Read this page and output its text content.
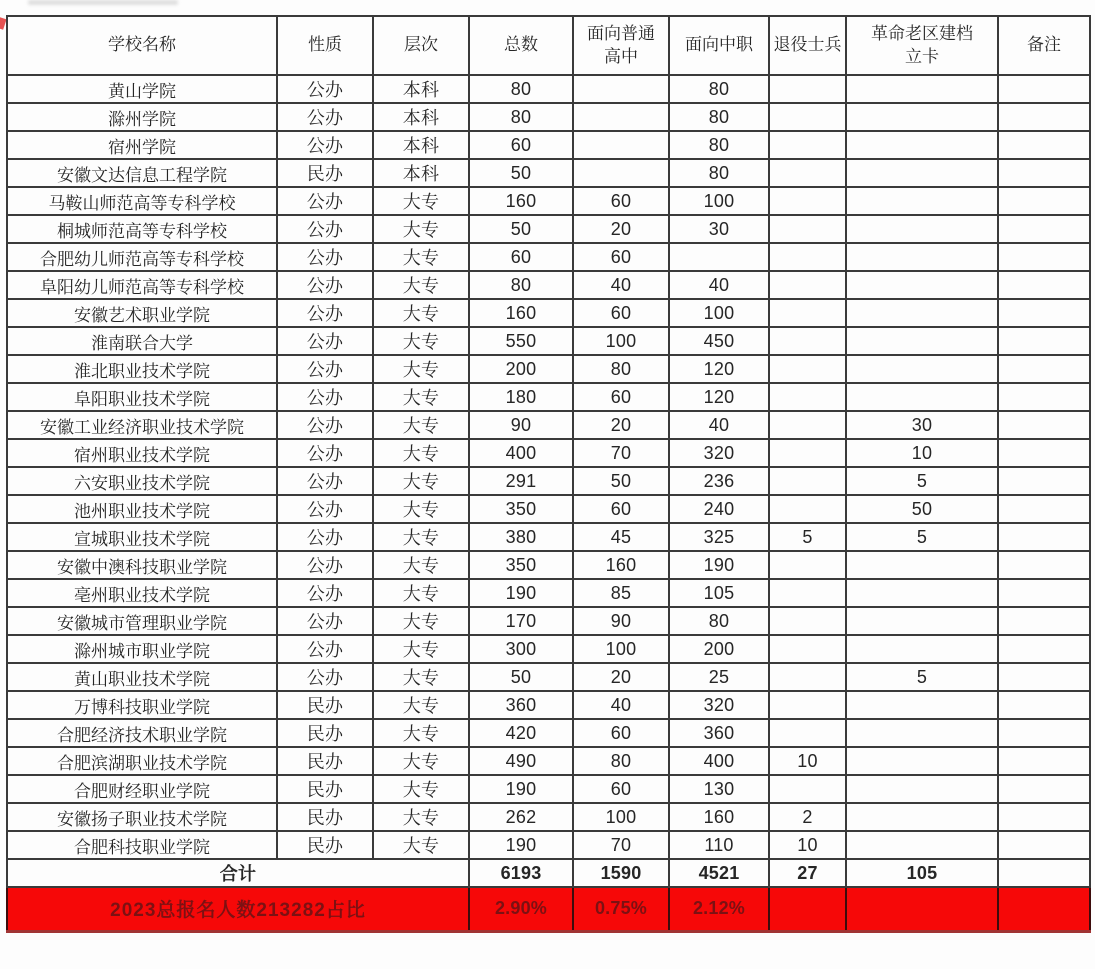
学校名称	性质	层次	总数	面向普通高中	面向中职	退役士兵	革命老区建档立卡	备注
黄山学院	公办	本科	80		80			
滁州学院	公办	本科	80		80			
宿州学院	公办	本科	60		80			
安徽文达信息工程学院	民办	本科	50		80			
马鞍山师范高等专科学校	公办	大专	160	60	100			
桐城师范高等专科学校	公办	大专	50	20	30			
合肥幼儿师范高等专科学校	公办	大专	60	60				
阜阳幼儿师范高等专科学校	公办	大专	80	40	40			
安徽艺术职业学院	公办	大专	160	60	100			
淮南联合大学	公办	大专	550	100	450			
淮北职业技术学院	公办	大专	200	80	120			
阜阳职业技术学院	公办	大专	180	60	120			
安徽工业经济职业技术学院	公办	大专	90	20	40		30	
宿州职业技术学院	公办	大专	400	70	320		10	
六安职业技术学院	公办	大专	291	50	236		5	
池州职业技术学院	公办	大专	350	60	240		50	
宣城职业技术学院	公办	大专	380	45	325	5	5	
安徽中澳科技职业学院	公办	大专	350	160	190			
亳州职业技术学院	公办	大专	190	85	105			
安徽城市管理职业学院	公办	大专	170	90	80			
滁州城市职业学院	公办	大专	300	100	200			
黄山职业技术学院	公办	大专	50	20	25		5	
万博科技职业学院	民办	大专	360	40	320			
合肥经济技术职业学院	民办	大专	420	60	360			
合肥滨湖职业技术学院	民办	大专	490	80	400	10		
合肥财经职业学院	民办	大专	190	60	130			
安徽扬子职业技术学院	民办	大专	262	100	160	2		
合肥科技职业学院	民办	大专	190	70	110	10		
合计			6193	1590	4521	27	105	
2023总报名人数213282占比			2.90%	0.75%	2.12%			
